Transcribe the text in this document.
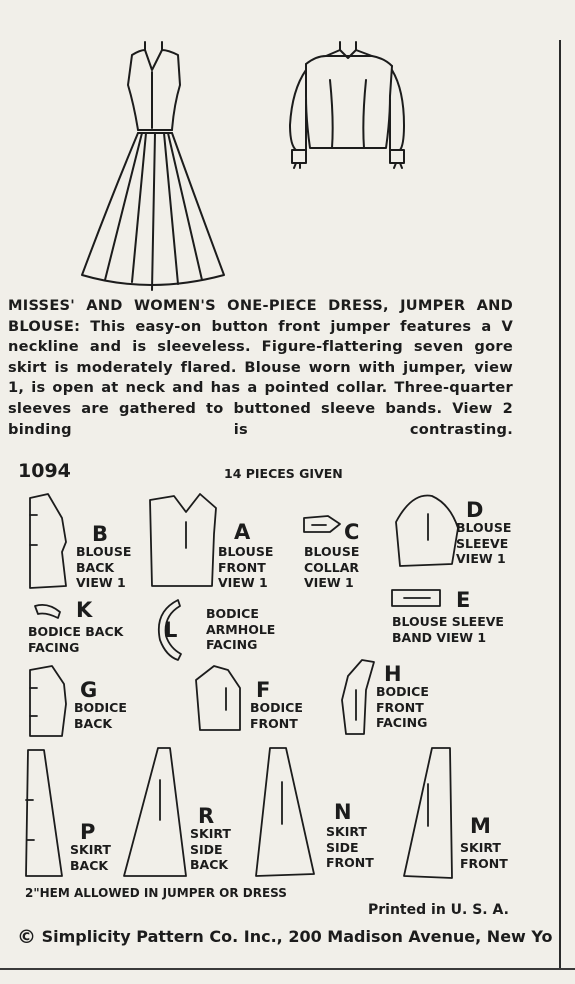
MISSES' AND WOMEN'S ONE-PIECE DRESS, JUMPER AND BLOUSE: This easy-on button front jumper features a V neckline and is sleeveless. Figure-flattering seven gore skirt is moderately flared. Blouse worn with jumper, view 1, is open at neck and has a pointed collar. Three-quarter sleeves are gathered to buttoned sleeve bands. View 2 binding is contrasting.

1094	14 PIECES GIVEN
B
BLOUSE
BACK
VIEW 1
A
BLOUSE
FRONT
VIEW 1
C
BLOUSE
COLLAR
VIEW 1
D
BLOUSE
SLEEVE
VIEW 1
K
BODICE BACK
FACING
L
BODICE
ARMHOLE
FACING
E
BLOUSE SLEEVE
BAND VIEW 1
G
BODICE
BACK
F
BODICE
FRONT
H
BODICE
FRONT
FACING
P
SKIRT
BACK
R
SKIRT
SIDE
BACK
N
SKIRT
SIDE
FRONT
M
SKIRT
FRONT
2"HEM ALLOWED IN JUMPER OR DRESS
Printed in U. S. A.
© Simplicity Pattern Co. Inc., 200 Madison Avenue, New Yo
